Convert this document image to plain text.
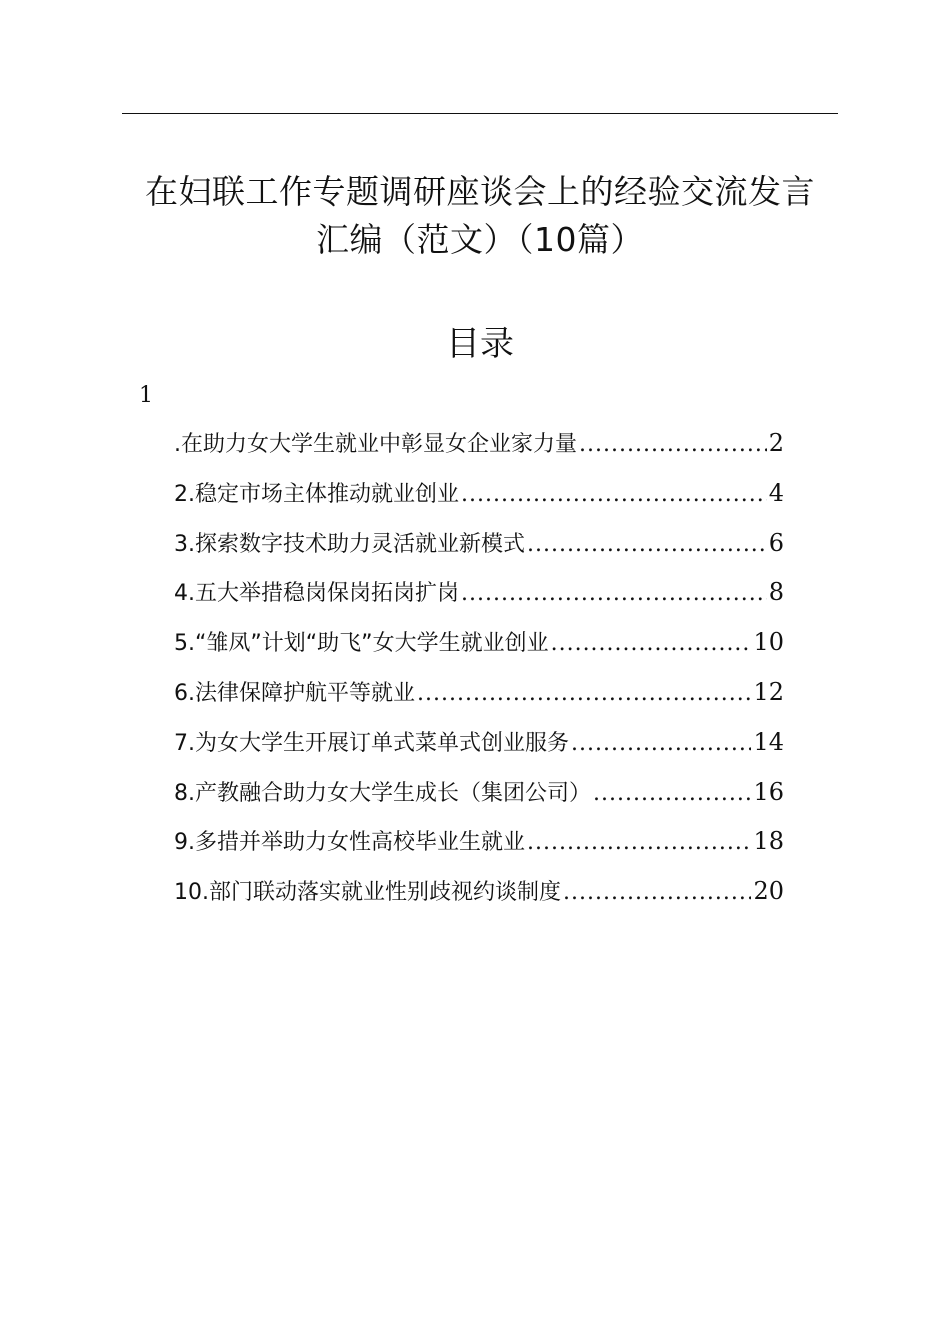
在妇联工作专题调研座谈会上的经验交流发言
汇编（范文）（10篇）
目录
1
.在助力女大学生就业中彰显女企业家力量 .....	2
2.稳定市场主体推动就业创业 .....	4
3.探索数字技术助力灵活就业新模式 .....	6
4.五大举措稳岗保岗拓岗扩岗 .....	8
5.“雏凤”计划“助飞”女大学生就业创业 .....	10
6.法律保障护航平等就业 .....	12
7.为女大学生开展订单式菜单式创业服务 .....	14
8.产教融合助力女大学生成长（集团公司） .....	16
9.多措并举助力女性高校毕业生就业 .....	18
10.部门联动落实就业性别歧视约谈制度 .....	20
